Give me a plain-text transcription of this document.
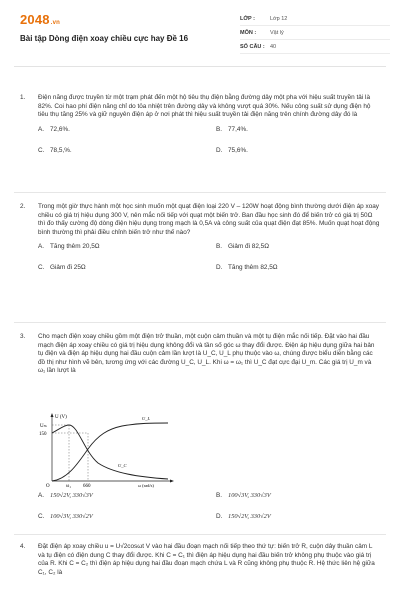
2048.vn
Bài tập Dòng điện xoay chiều cực hay Đề 16
LỚP :	Lớp 12
MÔN :	Vật lý
SỐ CÂU : 40
1. Điện năng được truyền từ một trạm phát đến một hộ tiêu thụ điện bằng đường dây một pha với hiệu suất truyền tải là 82%. Coi hao phí điện năng chỉ do tỏa nhiệt trên đường dây và không vượt quá 30%. Nếu công suất sử dụng điện hộ tiêu thụ tăng 25% và giữ nguyên điện áp ở nơi phát thì hiệu suất truyền tải điện năng trên chính đường dây đó là
A. 72,6%.	B. 77,4%.
C. 78,5,%.	D. 75,6%.
2. Trong một giờ thực hành một học sinh muốn một quạt điện loại 220 V – 120W hoạt động bình thường dưới điện áp xoay chiều có giá trị hiệu dụng 300 V, nên mắc nối tiếp với quạt một biến trở. Ban đầu học sinh đó để biến trở có giá trị 50Ω thì đo thấy cường độ dòng điện hiệu dụng trong mạch là 0,5A và công suất của quạt điện đạt 85%. Muốn quạt hoạt động bình thường thì phải điều chỉnh biến trở như thế nào?
A. Tăng thêm 20,5Ω	B. Giảm đi 82,5Ω
C. Giảm đi 25Ω	D. Tăng thêm 82,5Ω
3. Cho mạch điện xoay chiều gồm một điện trở thuần, một cuộn cảm thuần và một tụ điện mắc nối tiếp. Đặt vào hai đầu mạch điện áp xoay chiều có giá trị hiệu dụng không đổi và tần số góc ω thay đổi được. Điện áp hiệu dụng giữa hai bản tụ điện và điện áp hiệu dụng hai đầu cuộn cảm lần lượt là U_C, U_L phụ thuộc vào ω, chúng được biểu diễn bằng các đồ thị như hình vẽ bên, tương ứng với các đường U_C, U_L. Khi ω = ω₁ thì U_C đạt cực đại U_m. Các giá trị U_m và ω₁ lần lượt là
U (V)
Uₘ
150
O	ω₁ 660	ω (rad/s)
U_L
U_C
A. 150√2V, 330√3V	B. 100√3V, 330√3V
C. 100√3V, 330√2V	D. 150√2V, 330√2V
4. Đặt điện áp xoay chiều u = U√2cosωt V vào hai đầu đoạn mạch nối tiếp theo thứ tự: biến trở R, cuộn dây thuần cảm L và tụ điện có điện dung C thay đổi được. Khi C = C₁ thì điện áp hiệu dụng hai đầu biến trở không phụ thuộc vào giá trị của R. Khi C = C₂ thì điện áp hiệu dụng hai đầu đoạn mạch chứa L và R cũng không phụ thuộc R. Hệ thức liên hệ giữa C₁, C₂ là
